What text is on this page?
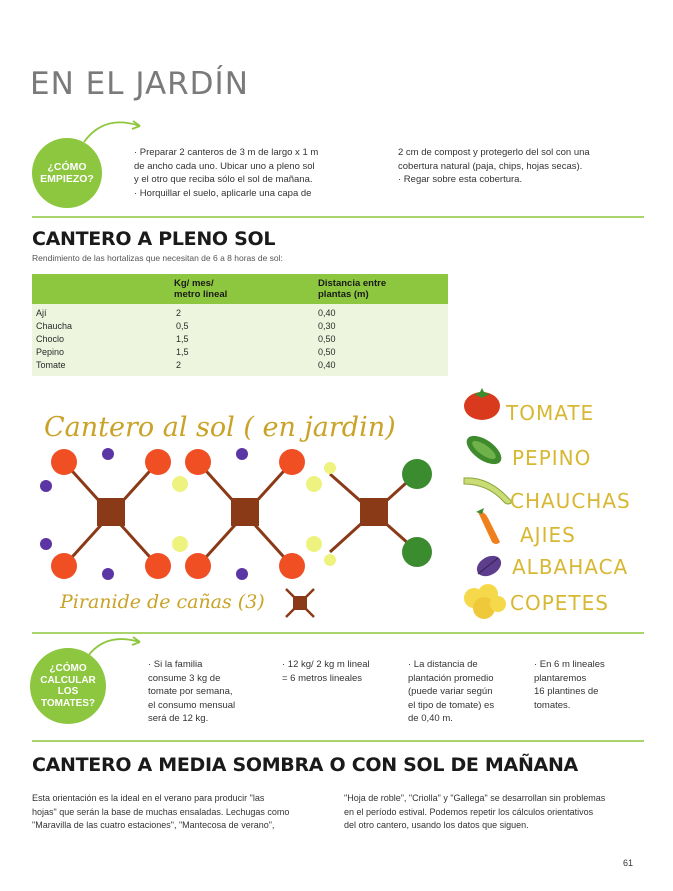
EN EL JARDÍN
¿CÓMO
EMPIEZO?
· Preparar 2 canteros de 3 m de largo x 1 m
de ancho cada uno. Ubicar uno a pleno sol
y el otro que reciba sólo el sol de mañana.
· Horquillar el suelo, aplicarle una capa de
2 cm de compost y protegerlo del sol con una
cobertura natural (paja, chips, hojas secas).
· Regar sobre esta cobertura.
CANTERO A PLENO SOL
Rendimiento de las hortalizas que necesitan de 6 a 8 horas de sol:
Kg/ mes/
metro lineal
Distancia entre
plantas (m)
Ají	2	0,40
Chaucha	0,5	0,30
Choclo	1,5	0,50
Pepino	1,5	0,50
Tomate	2	0,40
Cantero al sol ( en jardin)
Piranide de cañas (3)
TOMATE
PEPINO
CHAUCHAS
AJIES
ALBAHACA
COPETES
¿CÓMO
CALCULAR
LOS
TOMATES?
· Si la familia
consume 3 kg de
tomate por semana,
el consumo mensual
será de 12 kg.
· 12 kg/ 2 kg m lineal
= 6 metros lineales
· La distancia de
plantación promedio
(puede variar según
el tipo de tomate) es
de 0,40 m.
· En 6 m lineales
plantaremos
16 plantines de
tomates.
CANTERO A MEDIA SOMBRA O CON SOL DE MAÑANA
Esta orientación es la ideal en el verano para producir "las
hojas" que serán la base de muchas ensaladas. Lechugas como
"Maravilla de las cuatro estaciones", "Mantecosa de verano",
"Hoja de roble", "Criolla" y "Gallega" se desarrollan sin problemas
en el período estival. Podemos repetir los cálculos orientativos
del otro cantero, usando los datos que siguen.
61
